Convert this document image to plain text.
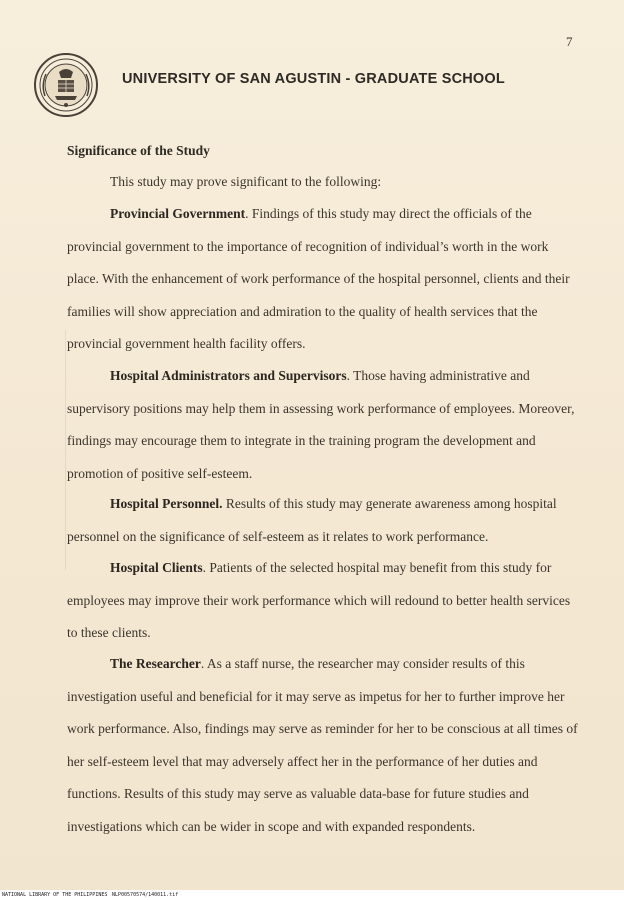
7
UNIVERSITY OF SAN AGUSTIN - GRADUATE SCHOOL
Significance of the Study
This study may prove significant to the following:

Provincial Government. Findings of this study may direct the officials of the provincial government to the importance of recognition of individual’s worth in the work place. With the enhancement of work performance of the hospital personnel, clients and their families will show appreciation and admiration to the quality of health services that the provincial government health facility offers.

Hospital Administrators and Supervisors. Those having administrative and supervisory positions may help them in assessing work performance of employees. Moreover, findings may encourage them to integrate in the training program the development and promotion of positive self-esteem.

Hospital Personnel. Results of this study may generate awareness among hospital personnel on the significance of self-esteem as it relates to work performance.

Hospital Clients. Patients of the selected hospital may benefit from this study for employees may improve their work performance which will redound to better health services to these clients.

The Researcher. As a staff nurse, the researcher may consider results of this investigation useful and beneficial for it may serve as impetus for her to further improve her work performance. Also, findings may serve as reminder for her to be conscious at all times of her self-esteem level that may adversely affect her in the performance of her duties and functions. Results of this study may serve as valuable data-base for future studies and investigations which can be wider in scope and with expanded respondents.

NATIONAL LIBRARY OF THE PHILIPPINES NLP00570574/140011.tif
